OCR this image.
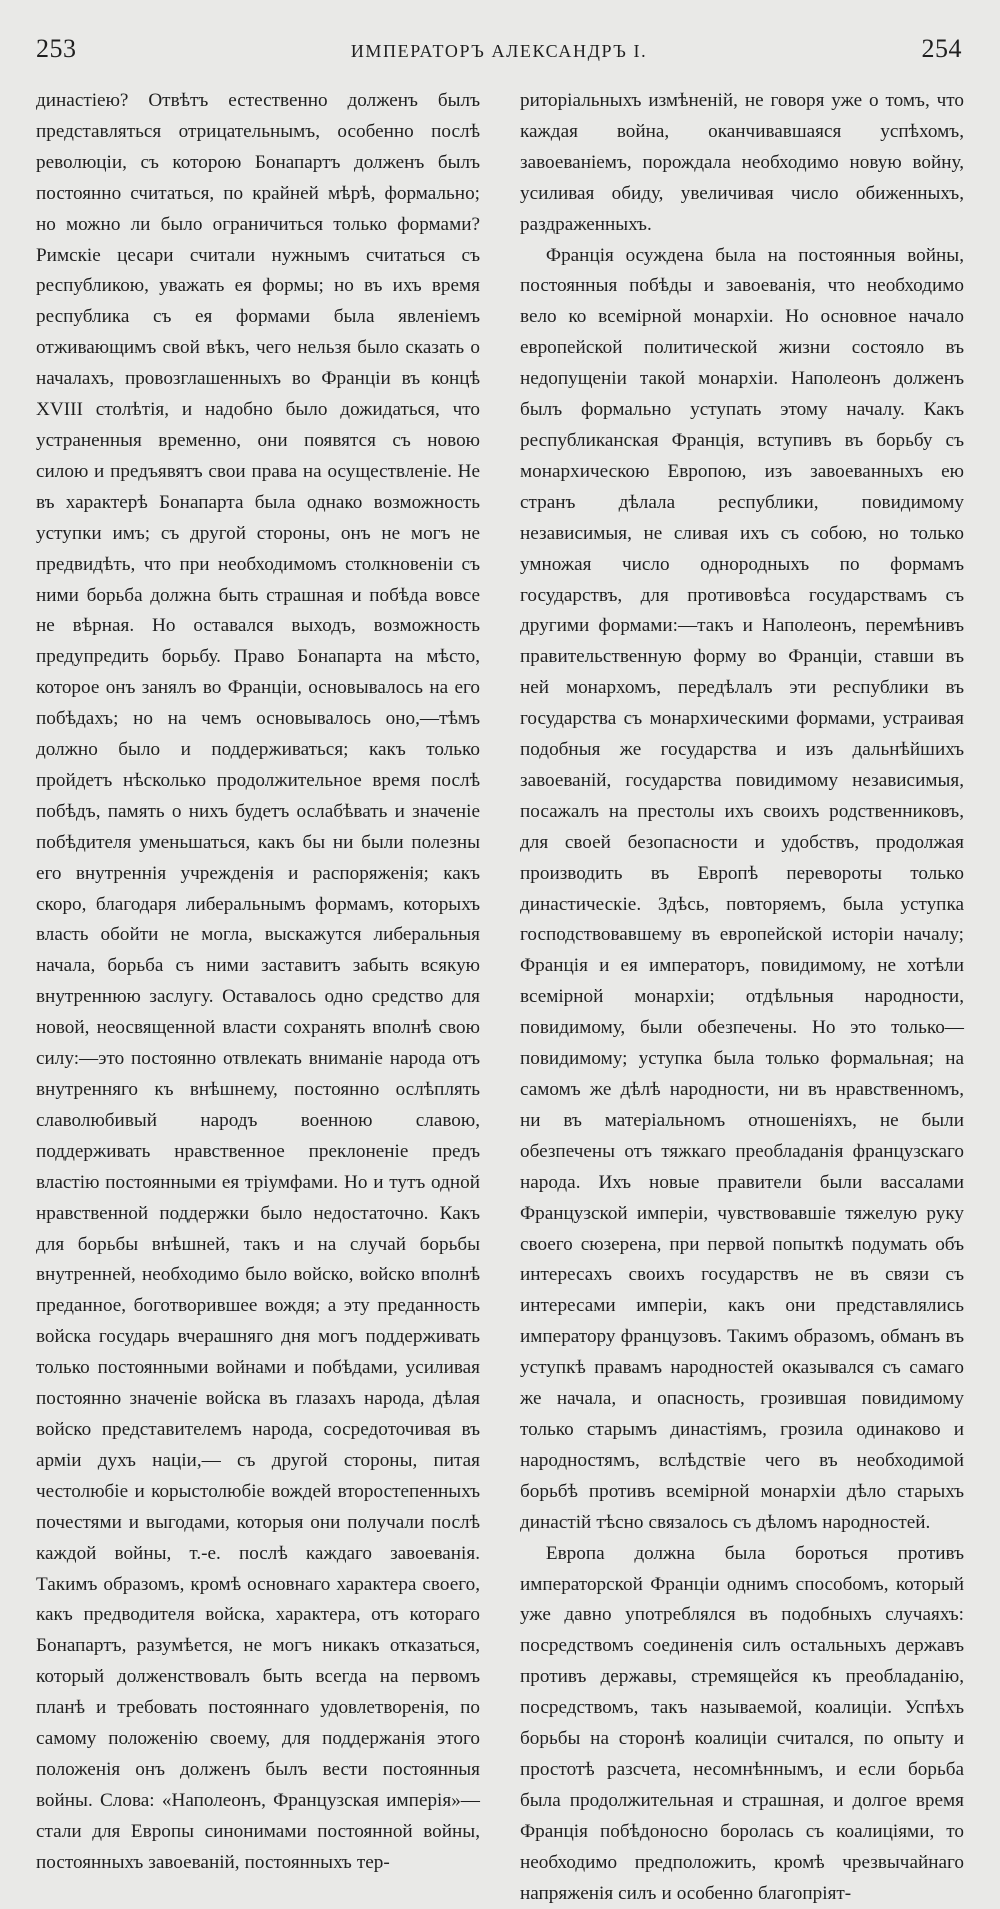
253	ИМПЕРАТОРЪ АЛЕКСАНДРЪ I.	254

династіею? Отвѣтъ естественно долженъ былъ представляться отрицательнымъ, особенно послѣ революціи, съ которою Бонапартъ долженъ былъ постоянно считаться, по крайней мѣрѣ, формально; но можно ли было ограничиться только формами? Римскіе цесари считали нужнымъ считаться съ республикою, уважать ея формы; но въ ихъ время республика съ ея формами была явленіемъ отживающимъ свой вѣкъ, чего нельзя было сказать о началахъ, провозглашенныхъ во Франціи въ концѣ XVIII столѣтія, и надобно было дожидаться, что устраненныя временно, они появятся съ новою силою и предъявятъ свои права на осуществленіе. Не въ характерѣ Бонапарта была однако возможность уступки имъ; съ другой стороны, онъ не могъ не предвидѣть, что при необходимомъ столкновеніи съ ними борьба должна быть страшная и побѣда вовсе не вѣрная. Но оставался выходъ, возможность предупредить борьбу. Право Бонапарта на мѣсто, которое онъ занялъ во Франціи, основывалось на его побѣдахъ; но на чемъ основывалось оно,—тѣмъ должно было и поддерживаться; какъ только пройдетъ нѣсколько продолжительное время послѣ побѣдъ, память о нихъ будетъ ослабѣвать и значеніе побѣдителя уменьшаться, какъ бы ни были полезны его внутреннія учрежденія и распоряженія; какъ скоро, благодаря либеральнымъ формамъ, которыхъ власть обойти не могла, выскажутся либеральныя начала, борьба съ ними заставитъ забыть всякую внутреннюю заслугу. Оставалось одно средство для новой, неосвященной власти сохранять вполнѣ свою силу:—это постоянно отвлекать вниманіе народа отъ внутренняго къ внѣшнему, постоянно ослѣплять славолюбивый народъ военною славою, поддерживать нравственное преклоненіе предъ властію постоянными ея тріумфами. Но и тутъ одной нравственной поддержки было недостаточно. Какъ для борьбы внѣшней, такъ и на случай борьбы внутренней, необходимо было войско, войско вполнѣ преданное, боготворившее вождя; а эту преданность войска государь вчерашняго дня могъ поддерживать только постоянными войнами и побѣдами, усиливая постоянно значеніе войска въ глазахъ народа, дѣлая войско представителемъ народа, сосредоточивая въ арміи духъ націи,— съ другой стороны, питая честолюбіе и корыстолюбіе вождей второстепенныхъ почестями и выгодами, которыя они получали послѣ каждой войны, т.-е. послѣ каждаго завоеванія. Такимъ образомъ, кромѣ основнаго характера своего, какъ предводителя войска, характера, отъ котораго Бонапартъ, разумѣется, не могъ никакъ отказаться, который долженствовалъ быть всегда на первомъ планѣ и требовать постояннаго удовлетворенія, по самому положенію своему, для поддержанія этого положенія онъ долженъ былъ вести постоянныя войны. Слова: «Наполеонъ, Французская имперія»—стали для Европы синонимами постоянной войны, постоянныхъ завоеваній, постоянныхъ тер-

риторіальныхъ измѣненій, не говоря уже о томъ, что каждая война, оканчивавшаяся успѣхомъ, завоеваніемъ, порождала необходимо новую войну, усиливая обиду, увеличивая число обиженныхъ, раздраженныхъ.

Франція осуждена была на постоянныя войны, постоянныя побѣды и завоеванія, что необходимо вело ко всемірной монархіи. Но основное начало европейской политической жизни состояло въ недопущеніи такой монархіи. Наполеонъ долженъ былъ формально уступать этому началу. Какъ республиканская Франція, вступивъ въ борьбу съ монархическою Европою, изъ завоеванныхъ ею странъ дѣлала республики, повидимому независимыя, не сливая ихъ съ собою, но только умножая число однородныхъ по формамъ государствъ, для противовѣса государствамъ съ другими формами:—такъ и Наполеонъ, перемѣнивъ правительственную форму во Франціи, ставши въ ней монархомъ, передѣлалъ эти республики въ государства съ монархическими формами, устраивая подобныя же государства и изъ дальнѣйшихъ завоеваній, государства повидимому независимыя, посажалъ на престолы ихъ своихъ родственниковъ, для своей безопасности и удобствъ, продолжая производить въ Европѣ перевороты только династическіе. Здѣсь, повторяемъ, была уступка господствовавшему въ европейской исторіи началу; Франція и ея императоръ, повидимому, не хотѣли всемірной монархіи; отдѣльныя народности, повидимому, были обезпечены. Но это только—повидимому; уступка была только формальная; на самомъ же дѣлѣ народности, ни въ нравственномъ, ни въ матеріальномъ отношеніяхъ, не были обезпечены отъ тяжкаго преобладанія французскаго народа. Ихъ новые правители были вассалами Французской имперіи, чувствовавшіе тяжелую руку своего сюзерена, при первой попыткѣ подумать объ интересахъ своихъ государствъ не въ связи съ интересами имперіи, какъ они представлялись императору французовъ. Такимъ образомъ, обманъ въ уступкѣ правамъ народностей оказывался съ самаго же начала, и опасность, грозившая повидимому только старымъ династіямъ, грозила одинаково и народностямъ, вслѣдствіе чего въ необходимой борьбѣ противъ всемірной монархіи дѣло старыхъ династій тѣсно связалось съ дѣломъ народностей.

Европа должна была бороться противъ императорской Франціи однимъ способомъ, который уже давно употреблялся въ подобныхъ случаяхъ: посредствомъ соединенія силъ остальныхъ державъ противъ державы, стремящейся къ преобладанію, посредствомъ, такъ называемой, коалиціи. Успѣхъ борьбы на сторонѣ коалиціи считался, по опыту и простотѣ разсчета, несомнѣннымъ, и если борьба была продолжительная и страшная, и долгое время Франція побѣдоносно боролась съ коалиціями, то необходимо предположить, кромѣ чрезвычайнаго напряженія силъ и особенно благопріят-
